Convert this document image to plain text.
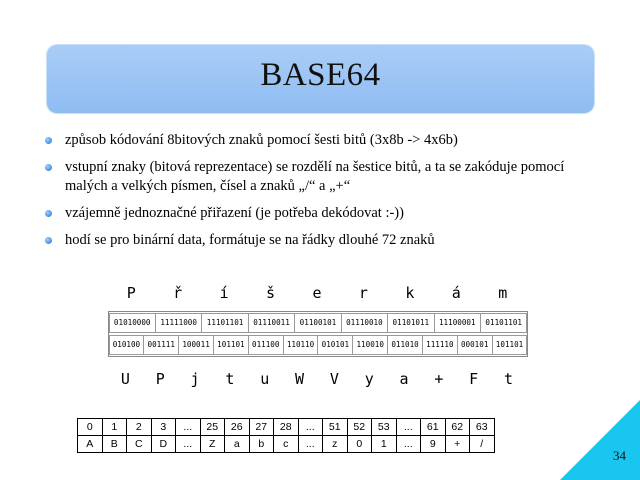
BASE64
způsob kódování 8bitových znaků pomocí šesti bitů (3x8b -> 4x6b)
vstupní znaky (bitová reprezentace) se rozdělí na šestice bitů, a ta se zakóduje pomocí malých a velkých písmen, čísel a znaků „/“ a „+“
vzájemně jednoznačné přiřazení (je potřeba dekódovat :-))
hodí se pro binární data, formátuje se na řádky dlouhé 72 znaků
P ř í š e r k á m
01010000	11111000	11101101	01110011	01100101	01110010	01101011	11100001	01101101
010100 001111 100011 101101 011100 110110 010101 110010 011010 111110 000101 101101
U P j t u W V y a + F t
0	1	2	3	...	25	26	27	28	...	51	52	53	...	61	62	63
A	B	C	D	...	Z	a	b	c	...	z	0	1	...	9	+	/
34
